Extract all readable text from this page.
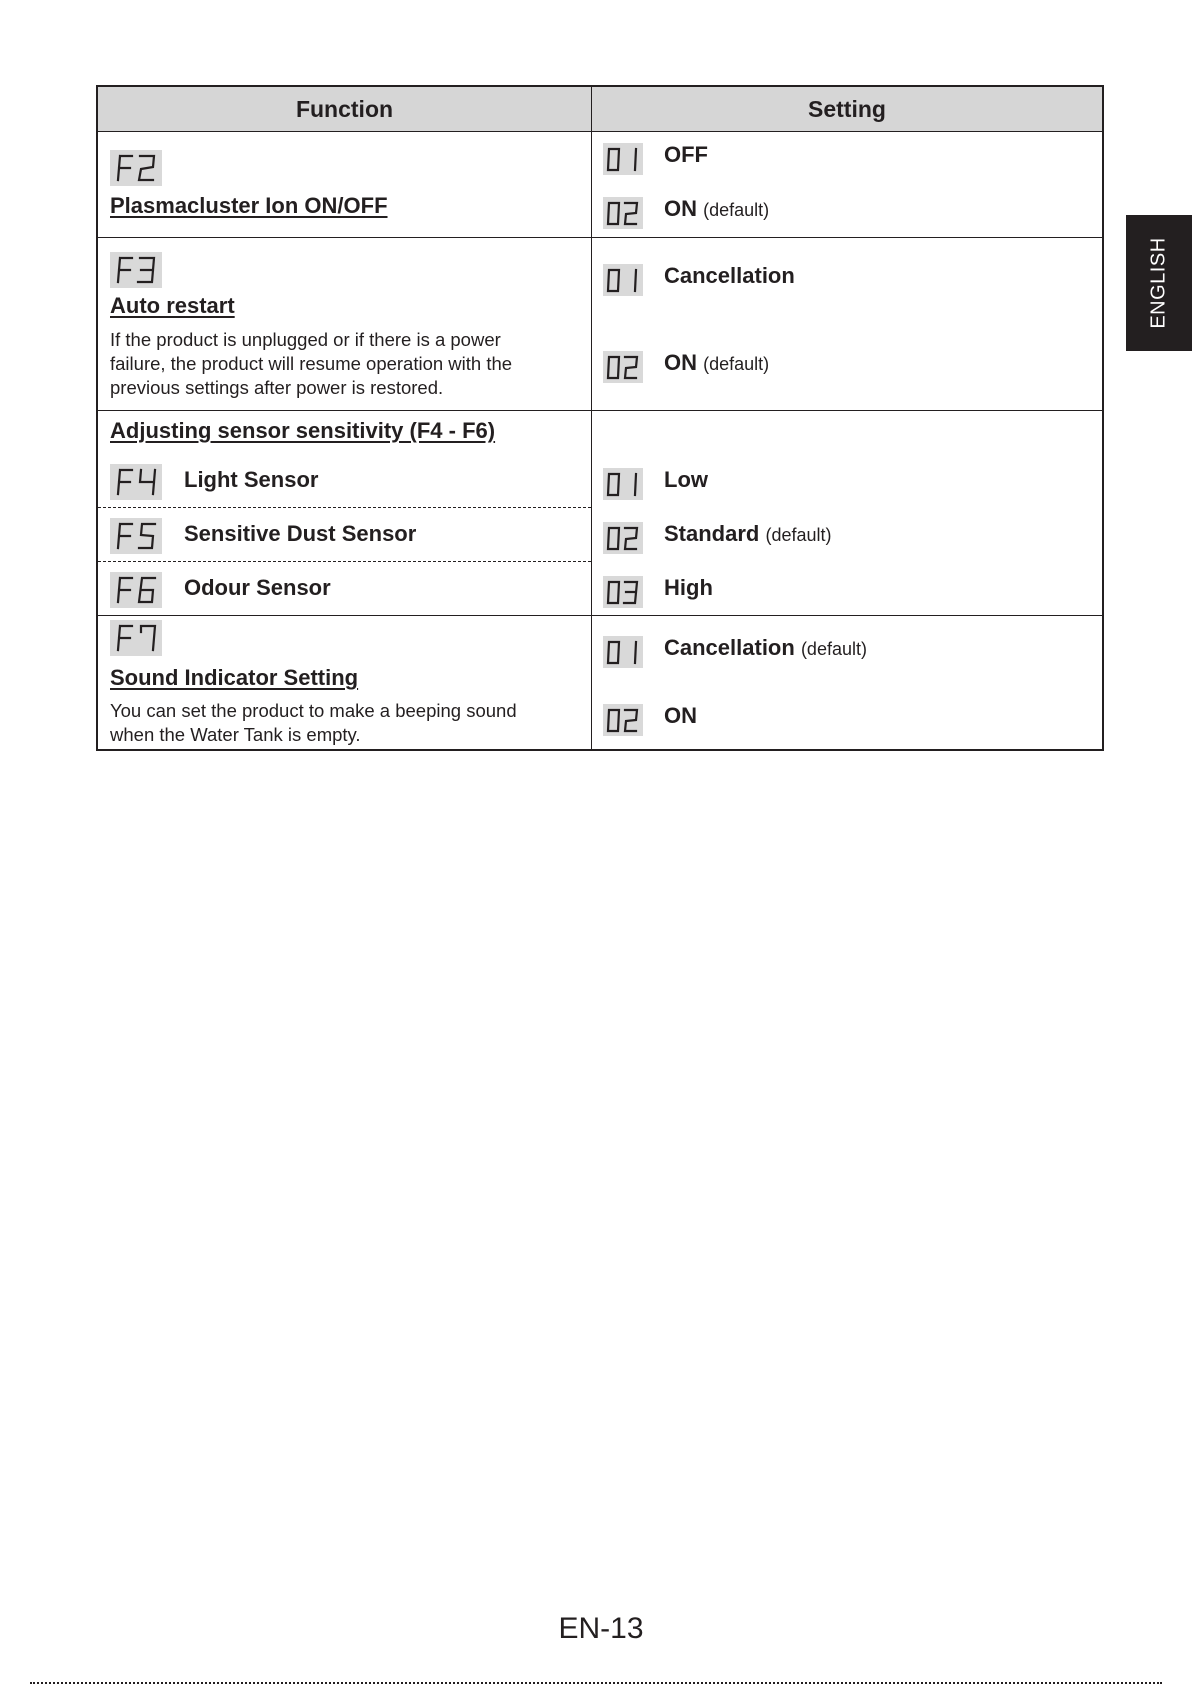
Function	Setting
Plasmacluster Ion ON/OFF
OFF
ON (default)
Auto restart
If the product is unplugged or if there is a power failure, the product will resume operation with the previous settings after power is restored.
Cancellation
ON (default)
Adjusting sensor sensitivity (F4 - F6)
Light Sensor
Sensitive Dust Sensor
Odour Sensor
Low
Standard (default)
High
Sound Indicator Setting
You can set the product to make a beeping sound when the Water Tank is empty.
Cancellation (default)
ON
ENGLISH
EN-13
